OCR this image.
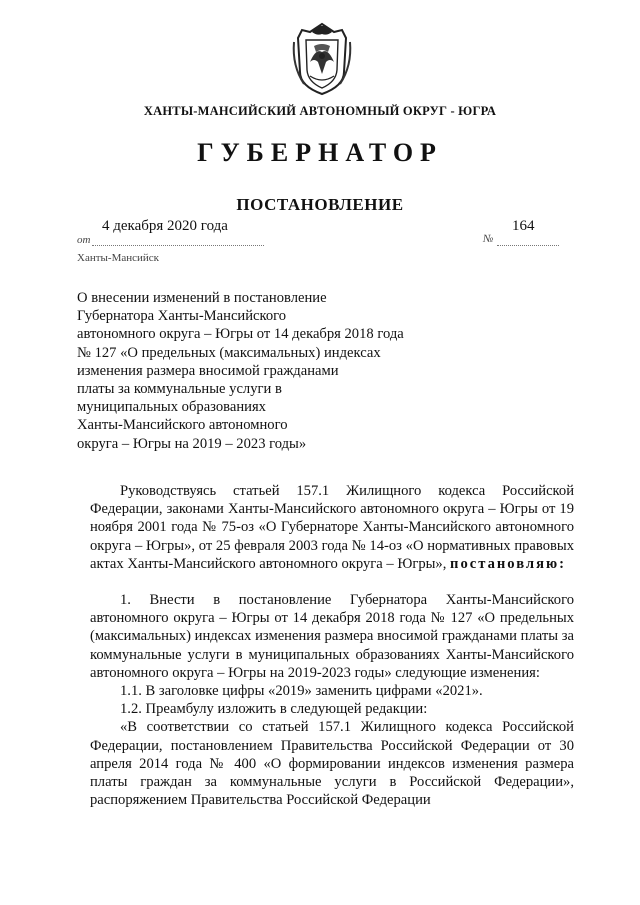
ХАНТЫ-МАНСИЙСКИЙ АВТОНОМНЫЙ ОКРУГ - ЮГРА
ГУБЕРНАТОР
ПОСТАНОВЛЕНИЕ
4 декабря 2020 года	164
от	№
Ханты-Мансийск
О внесении изменений в постановление
Губернатора Ханты-Мансийского
автономного округа – Югры от 14 декабря 2018 года
№ 127 «О предельных (максимальных) индексах
изменения размера вносимой гражданами
платы за коммунальные услуги в
муниципальных образованиях
Ханты-Мансийского автономного
округа – Югры на 2019 – 2023 годы»

Руководствуясь статьей 157.1 Жилищного кодекса Российской Федерации, законами Ханты-Мансийского автономного округа – Югры от 19 ноября 2001 года № 75-оз «О Губернаторе Ханты-Мансийского автономного округа – Югры», от 25 февраля 2003 года № 14-оз «О нормативных правовых актах Ханты-Мансийского автономного округа – Югры», постановляю:

1. Внести в постановление Губернатора Ханты-Мансийского автономного округа – Югры от 14 декабря 2018 года № 127 «О предельных (максимальных) индексах изменения размера вносимой гражданами платы за коммунальные услуги в муниципальных образованиях Ханты-Мансийского автономного округа – Югры на 2019-2023 годы» следующие изменения:

1.1. В заголовке цифры «2019» заменить цифрами «2021».

1.2. Преамбулу изложить в следующей редакции:

«В соответствии со статьей 157.1 Жилищного кодекса Российской Федерации, постановлением Правительства Российской Федерации от 30 апреля 2014 года № 400 «О формировании индексов изменения размера платы граждан за коммунальные услуги в Российской Федерации», распоряжением Правительства Российской Федерации
